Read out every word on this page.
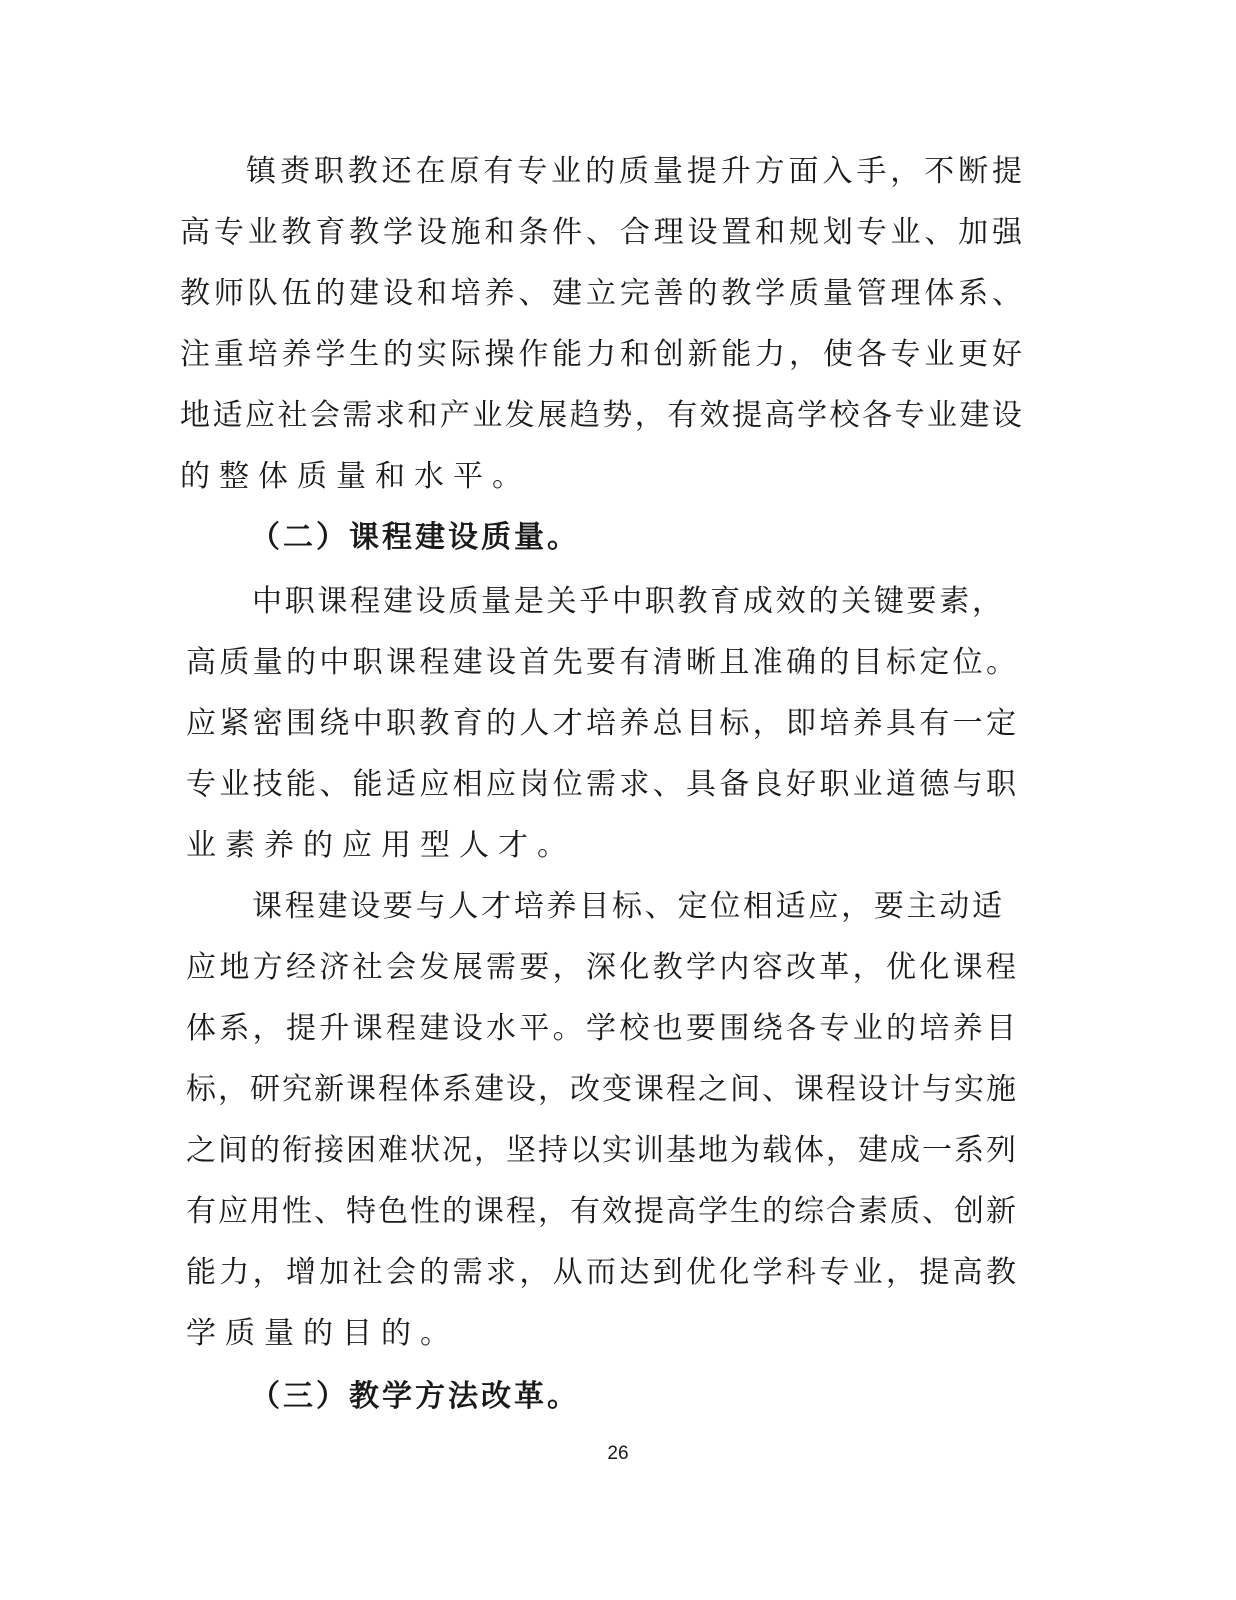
镇赉职教还在原有专业的质量提升方面入手，不断提
高专业教育教学设施和条件、合理设置和规划专业、加强
教师队伍的建设和培养、建立完善的教学质量管理体系、
注重培养学生的实际操作能力和创新能力，使各专业更好
地适应社会需求和产业发展趋势，有效提高学校各专业建设
的整体质量和水平。
（二）课程建设质量。
中职课程建设质量是关乎中职教育成效的关键要素，
高质量的中职课程建设首先要有清晰且准确的目标定位。
应紧密围绕中职教育的人才培养总目标，即培养具有一定
专业技能、能适应相应岗位需求、具备良好职业道德与职
业素养的应用型人才。
课程建设要与人才培养目标、定位相适应，要主动适
应地方经济社会发展需要，深化教学内容改革，优化课程
体系，提升课程建设水平。学校也要围绕各专业的培养目
标，研究新课程体系建设，改变课程之间、课程设计与实施
之间的衔接困难状况，坚持以实训基地为载体，建成一系列
有应用性、特色性的课程，有效提高学生的综合素质、创新
能力，增加社会的需求，从而达到优化学科专业，提高教
学质量的目的。
（三）教学方法改革。
26
